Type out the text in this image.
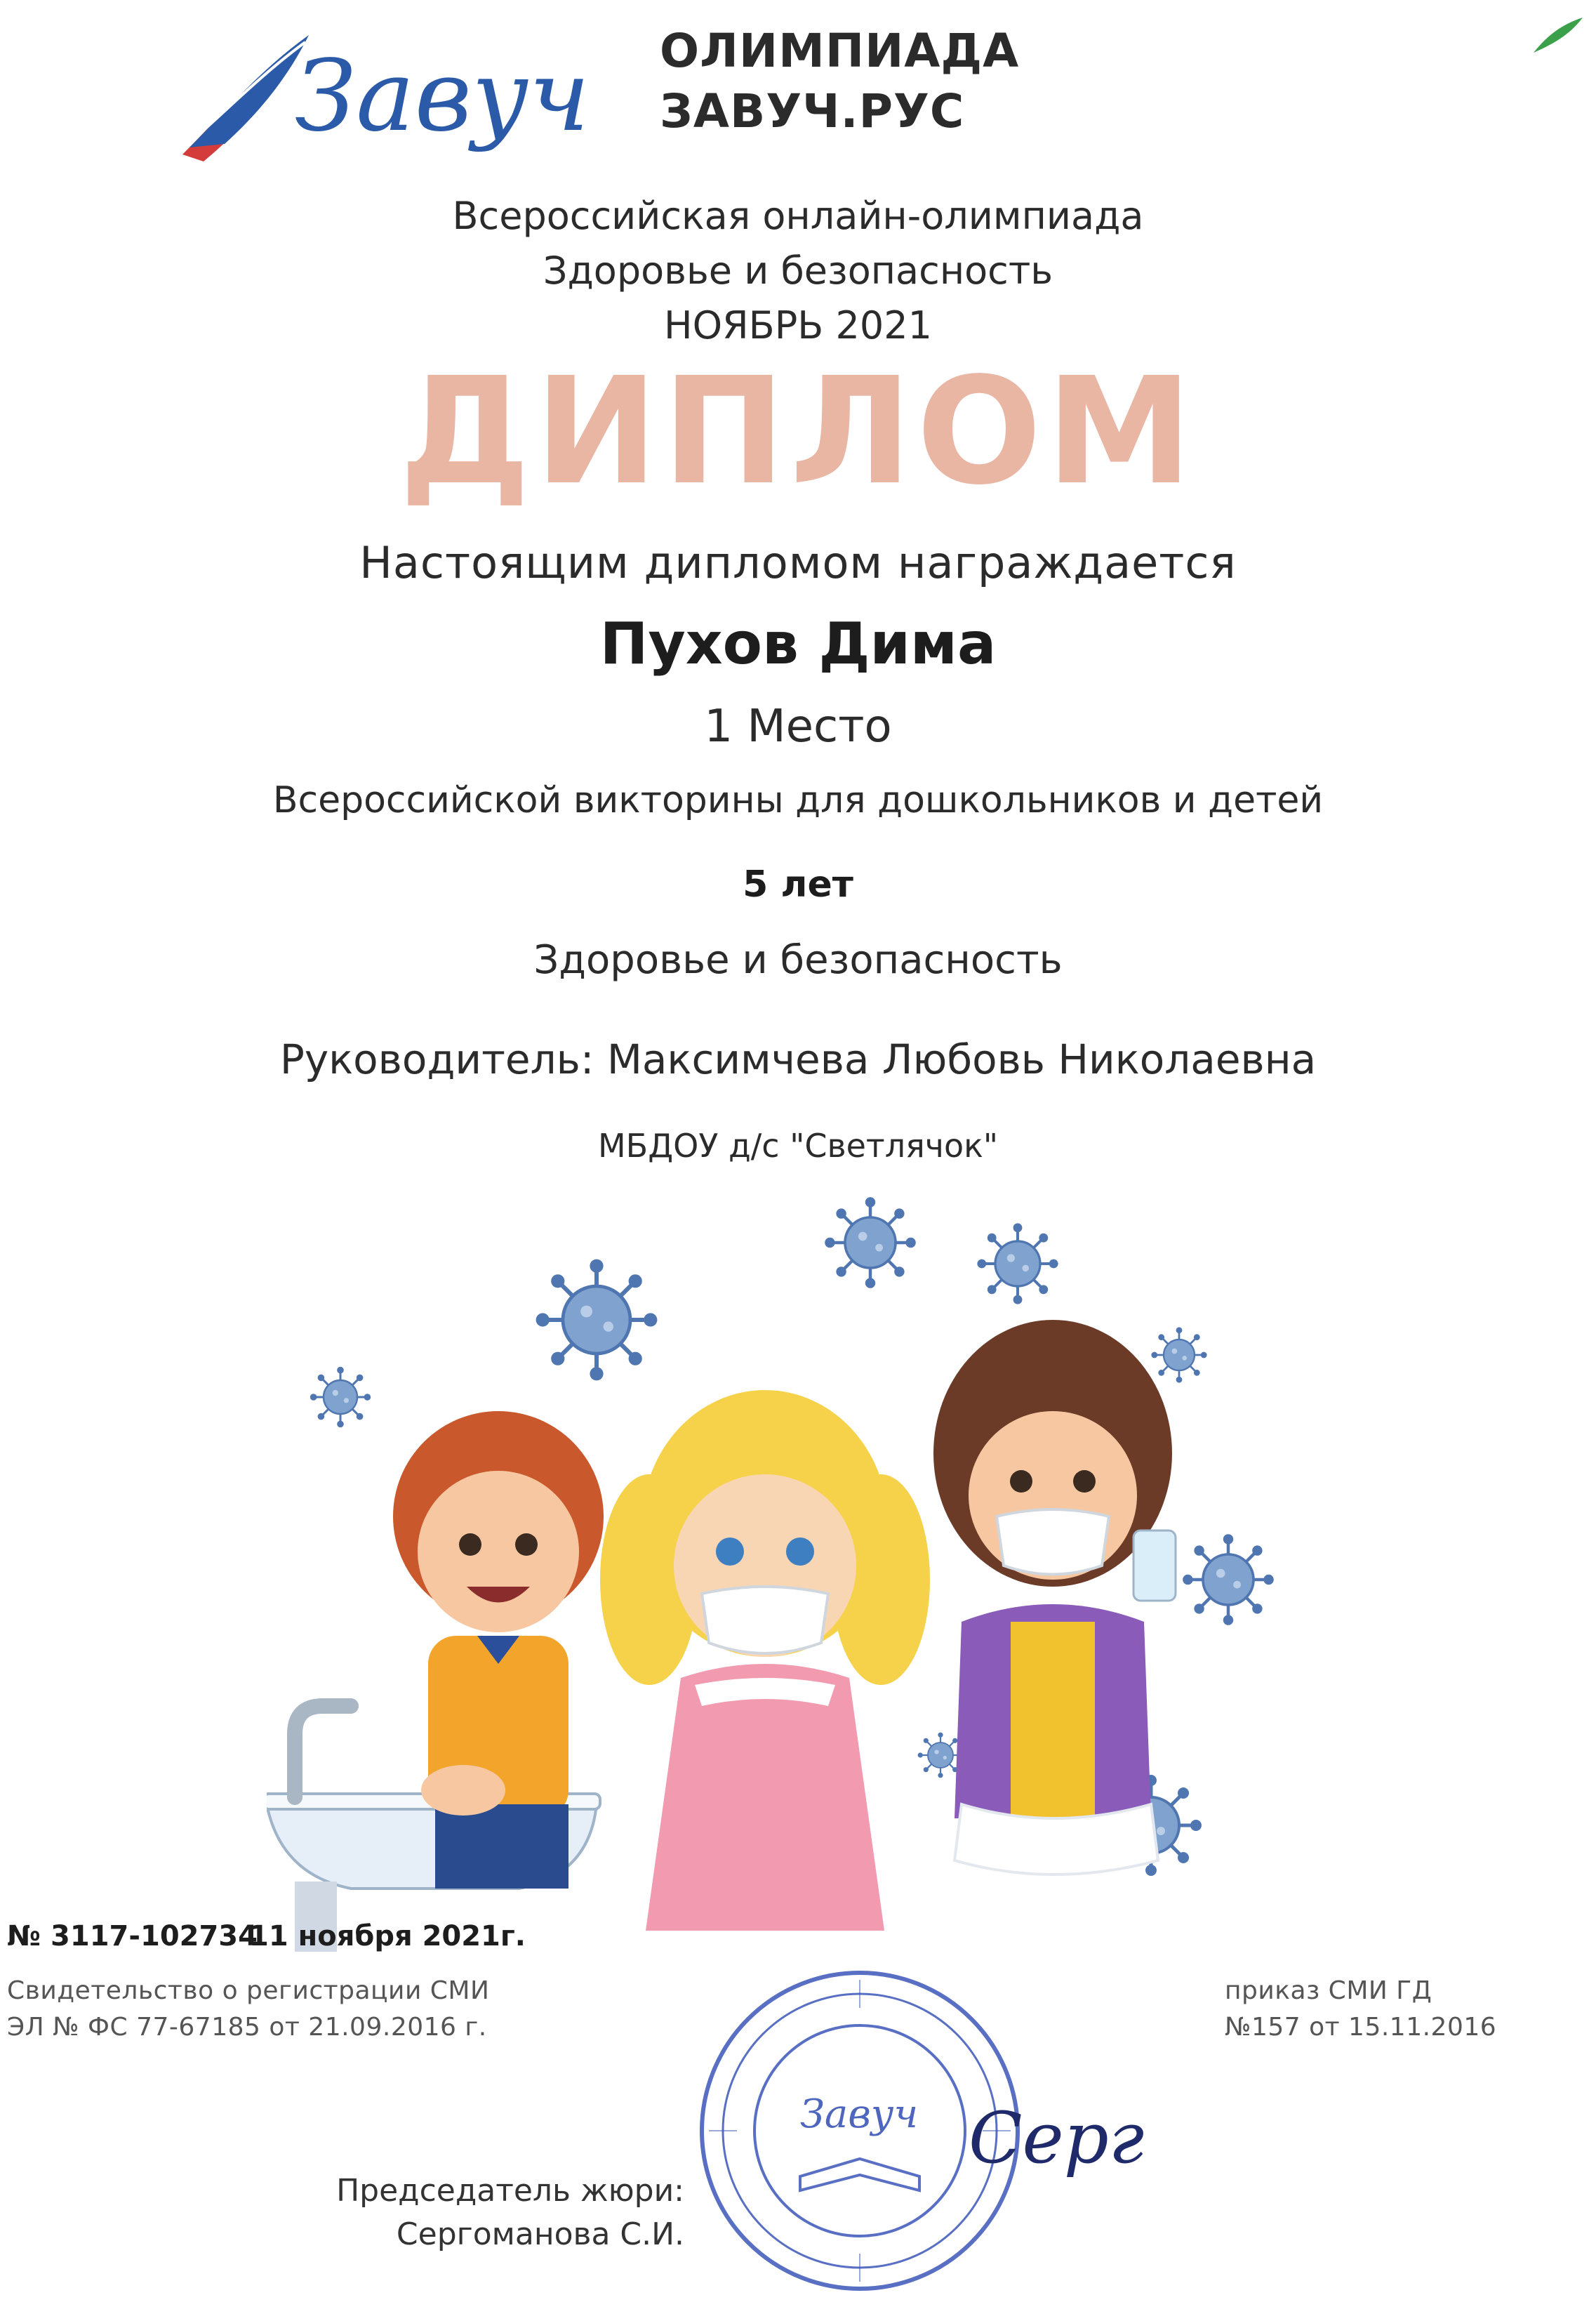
Завуч ОЛИМПИАДА
ЗАВУЧ.РУС
Всероссийская онлайн-олимпиада
Здоровье и безопасность
НОЯБРЬ 2021
ДИПЛОМ
Настоящим дипломом награждается
Пухов Дима
1 Место
Всероссийской викторины для дошкольников и детей
5 лет
Здоровье и безопасность
Руководитель: Максимчева Любовь Николаевна
МБДОУ д/с "Светлячок"
№ 3117-102734
11 ноября 2021г.
Свидетельство о регистрации СМИ
ЭЛ № ФС 77-67185 от 21.09.2016 г.
приказ СМИ ГД
№157 от 15.11.2016
Завуч Серг
Председатель жюри:
Сергоманова С.И.
